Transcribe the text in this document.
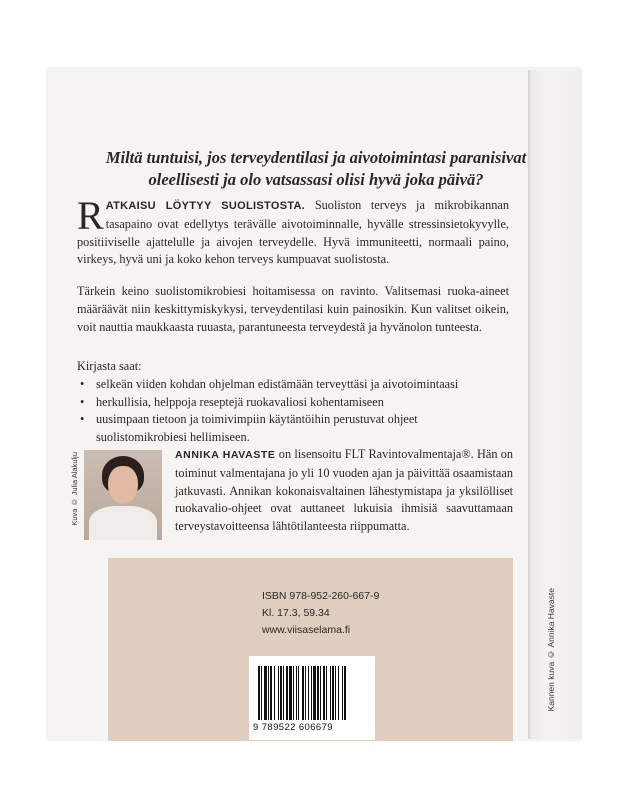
Kannen kuva © Annika Havaste
Miltä tuntuisi, jos terveydentilasi ja aivotoimintasi paranisivat
oleellisesti ja olo vatsassasi olisi hyvä joka päivä?
RATKAISU LÖYTYY SUOLISTOSTA. Suoliston terveys ja mikrobikannan tasapaino ovat edellytys terävälle aivotoiminnalle, hyvälle stressinsietokyvylle, positiiviselle ajattelulle ja aivojen terveydelle. Hyvä immuniteetti, normaali paino, virkeys, hyvä uni ja koko kehon terveys kumpuavat suolistosta.
Tärkein keino suolistomikrobiesi hoitamisessa on ravinto. Valitsemasi ruoka-aineet määräävät niin keskittymiskykysi, terveydentilasi kuin painosikin. Kun valitset oikein, voit nauttia maukkaasta ruuasta, parantuneesta terveydestä ja hyvänolon tunteesta.
Kirjasta saat:
• selkeän viiden kohdan ohjelman edistämään terveyttäsi ja aivotoimintaasi
• herkullisia, helppoja reseptejä ruokavaliosi kohentamiseen
• uusimpaan tietoon ja toimivimpiin käytäntöihin perustuvat ohjeet suolistomikrobiesi hellimiseen.
Kuva © Julia Alakulju	ANNIKA HAVASTE on lisensoitu FLT Ravintovalmentaja®. Hän on toiminut valmentajana jo yli 10 vuoden ajan ja päivittää osaamistaan jatkuvasti. Annikan kokonaisvaltainen lähestymistapa ja yksilölliset ruokavalio-ohjeet ovat auttaneet lukuisia ihmisiä saavuttamaan terveystavoitteensa lähtötilanteesta riippumatta.
ISBN 978-952-260-667-9
Kl. 17.3, 59.34
www.viisaselama.fi
9 789522 606679
